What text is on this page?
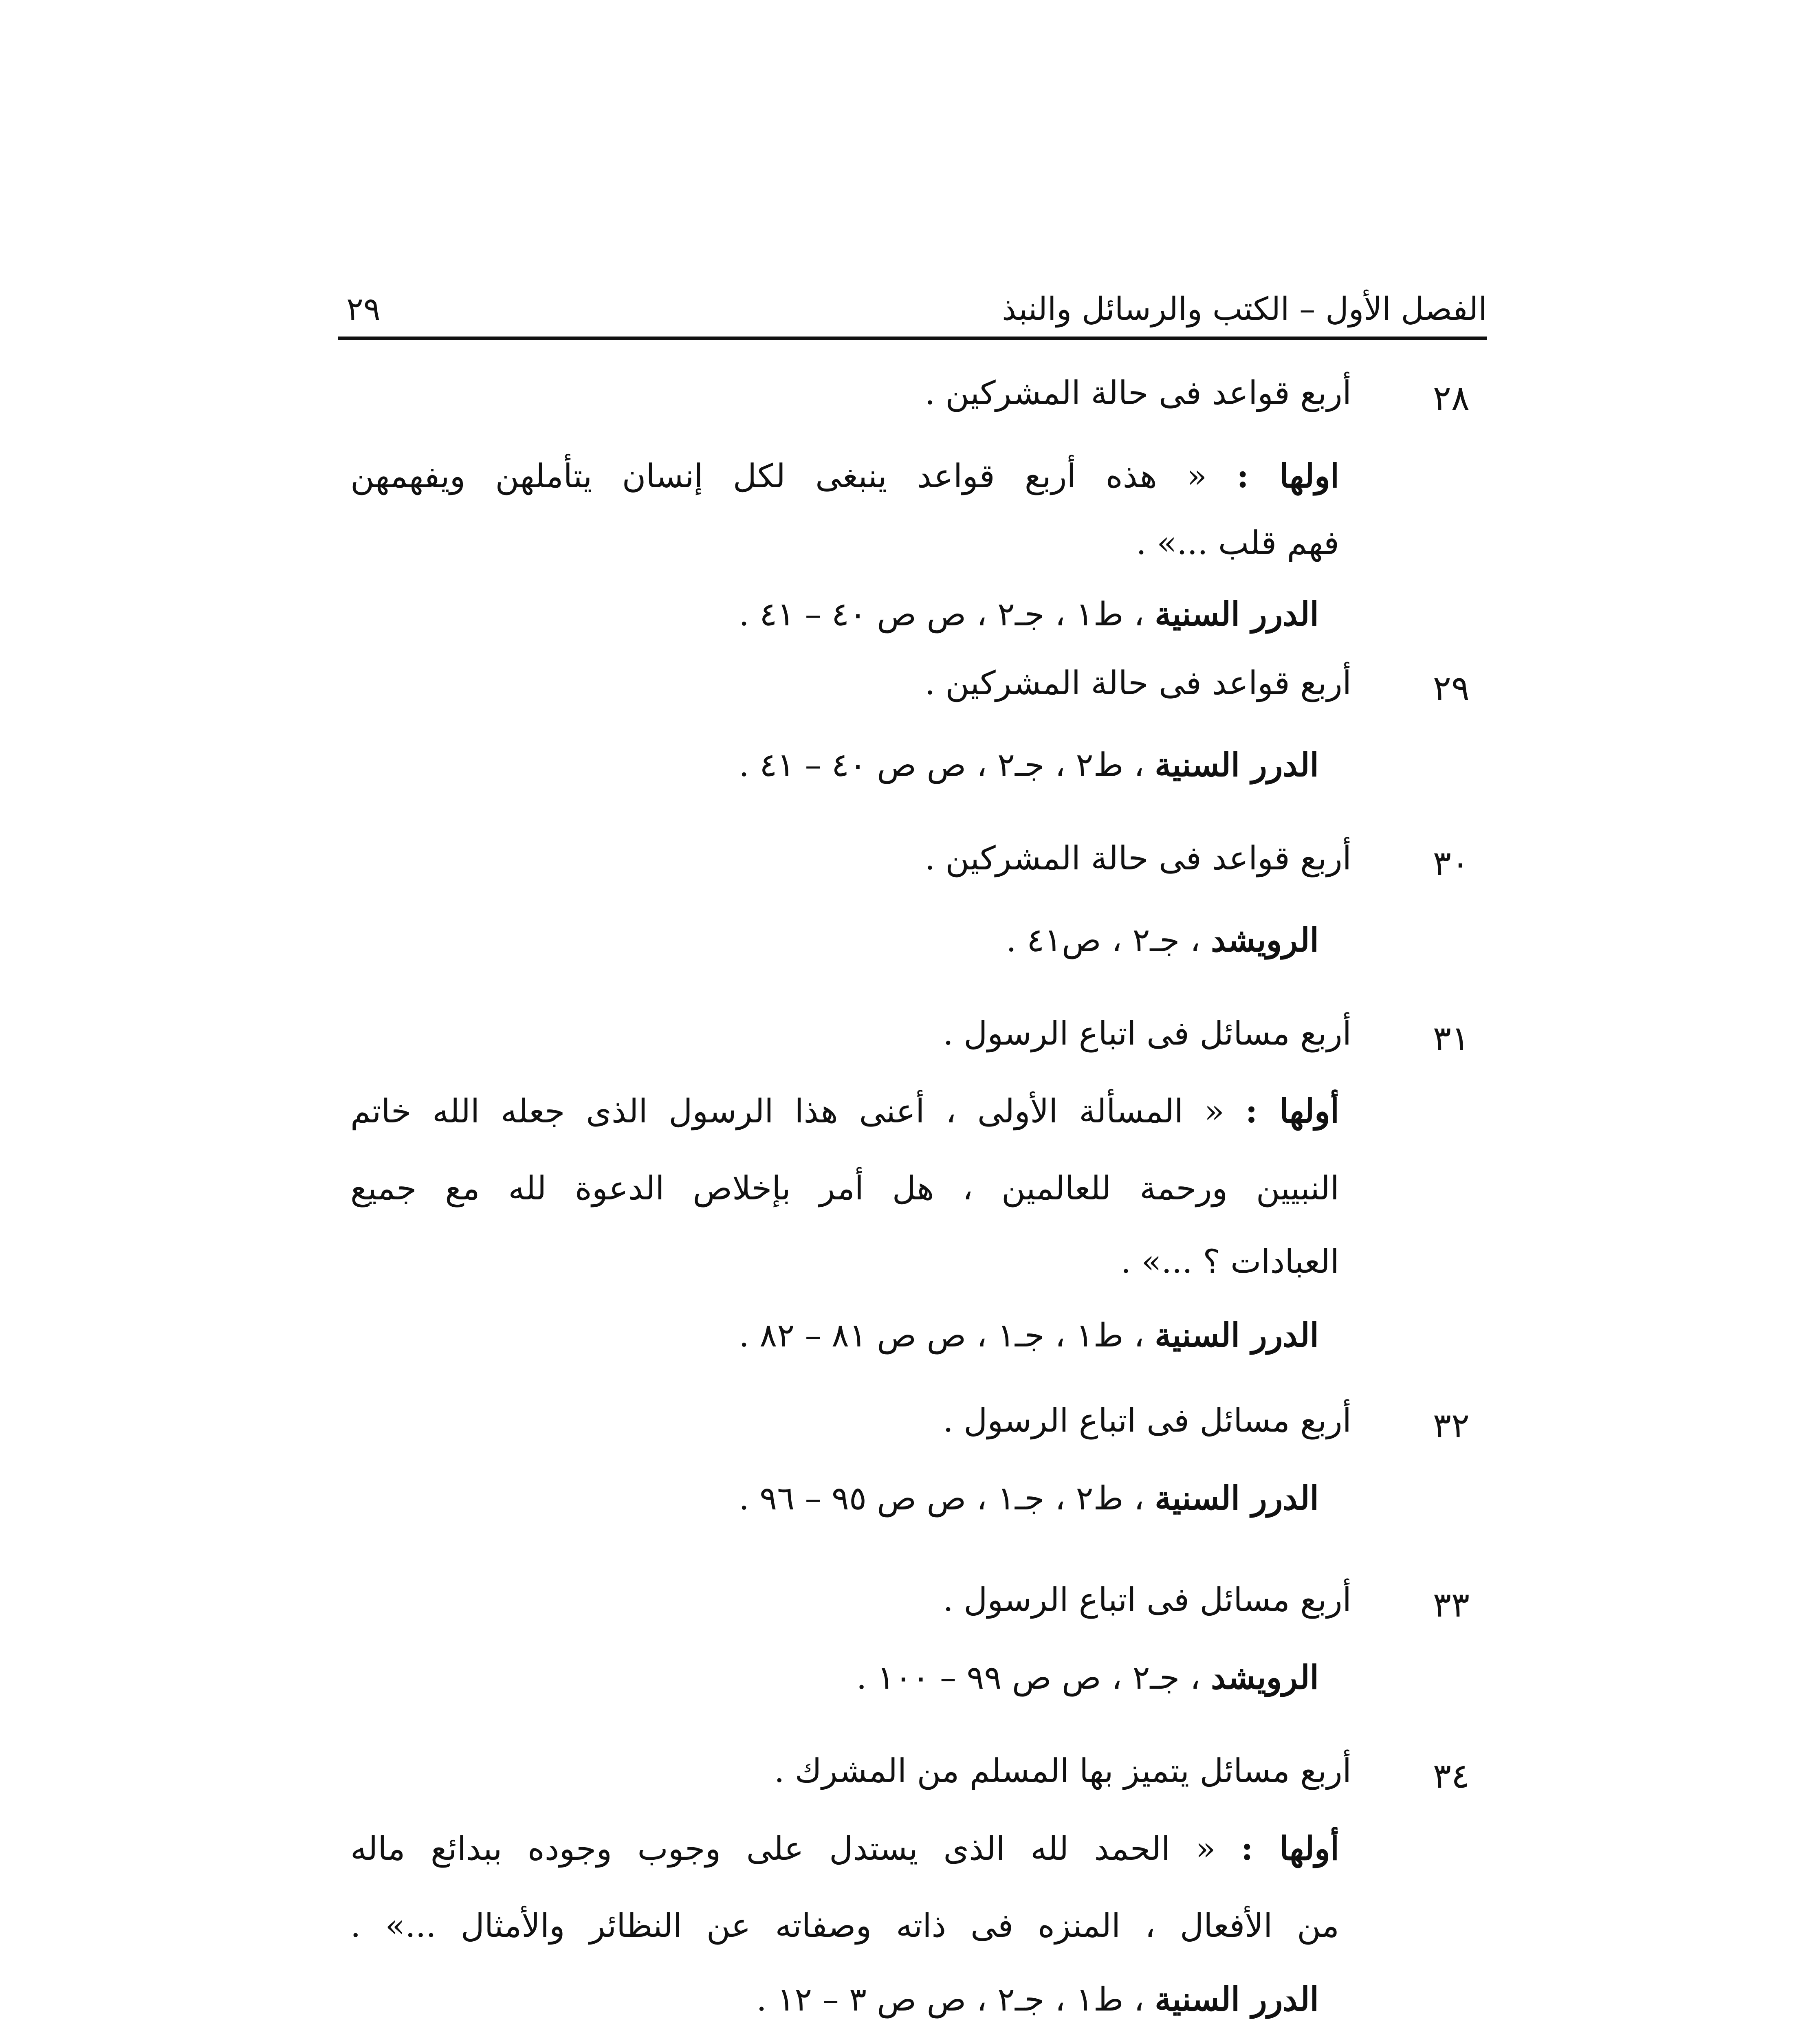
الفصل الأول – الكتب والرسائل والنبذ
٢٩
٢٨
أربع قواعد فى حالة المشركين .
اولها : « هذه أربع قواعد ينبغى لكل إنسان يتأملهن ويفهمهن
فهم قلب ...» .
الدرر السنية ، ط١ ، جـ٢ ، ص ص ٤٠ – ٤١ .
٢٩
أربع قواعد فى حالة المشركين .
الدرر السنية ، ط٢ ، جـ٢ ، ص ص ٤٠ – ٤١ .
٣٠
أربع قواعد فى حالة المشركين .
الرويشد ، جـ٢ ، ص٤١ .
٣١
أربع مسائل فى اتباع الرسول .
أولها : « المسألة الأولى ، أعنى هذا الرسول الذى جعله الله خاتم
النبيين ورحمة للعالمين ، هل أمر بإخلاص الدعوة لله مع جميع
العبادات ؟ ...» .
الدرر السنية ، ط١ ، جـ١ ، ص ص ٨١ – ٨٢ .
٣٢
أربع مسائل فى اتباع الرسول .
الدرر السنية ، ط٢ ، جـ١ ، ص ص ٩٥ – ٩٦ .
٣٣
أربع مسائل فى اتباع الرسول .
الرويشد ، جـ٢ ، ص ص ٩٩ – ١٠٠ .
٣٤
أربع مسائل يتميز بها المسلم من المشرك .
أولها : « الحمد لله الذى يستدل على وجوب وجوده ببدائع ماله
من الأفعال ، المنزه فى ذاته وصفاته عن النظائر والأمثال ...» .
الدرر السنية ، ط١ ، جـ٢ ، ص ص ٣ – ١٢ .
